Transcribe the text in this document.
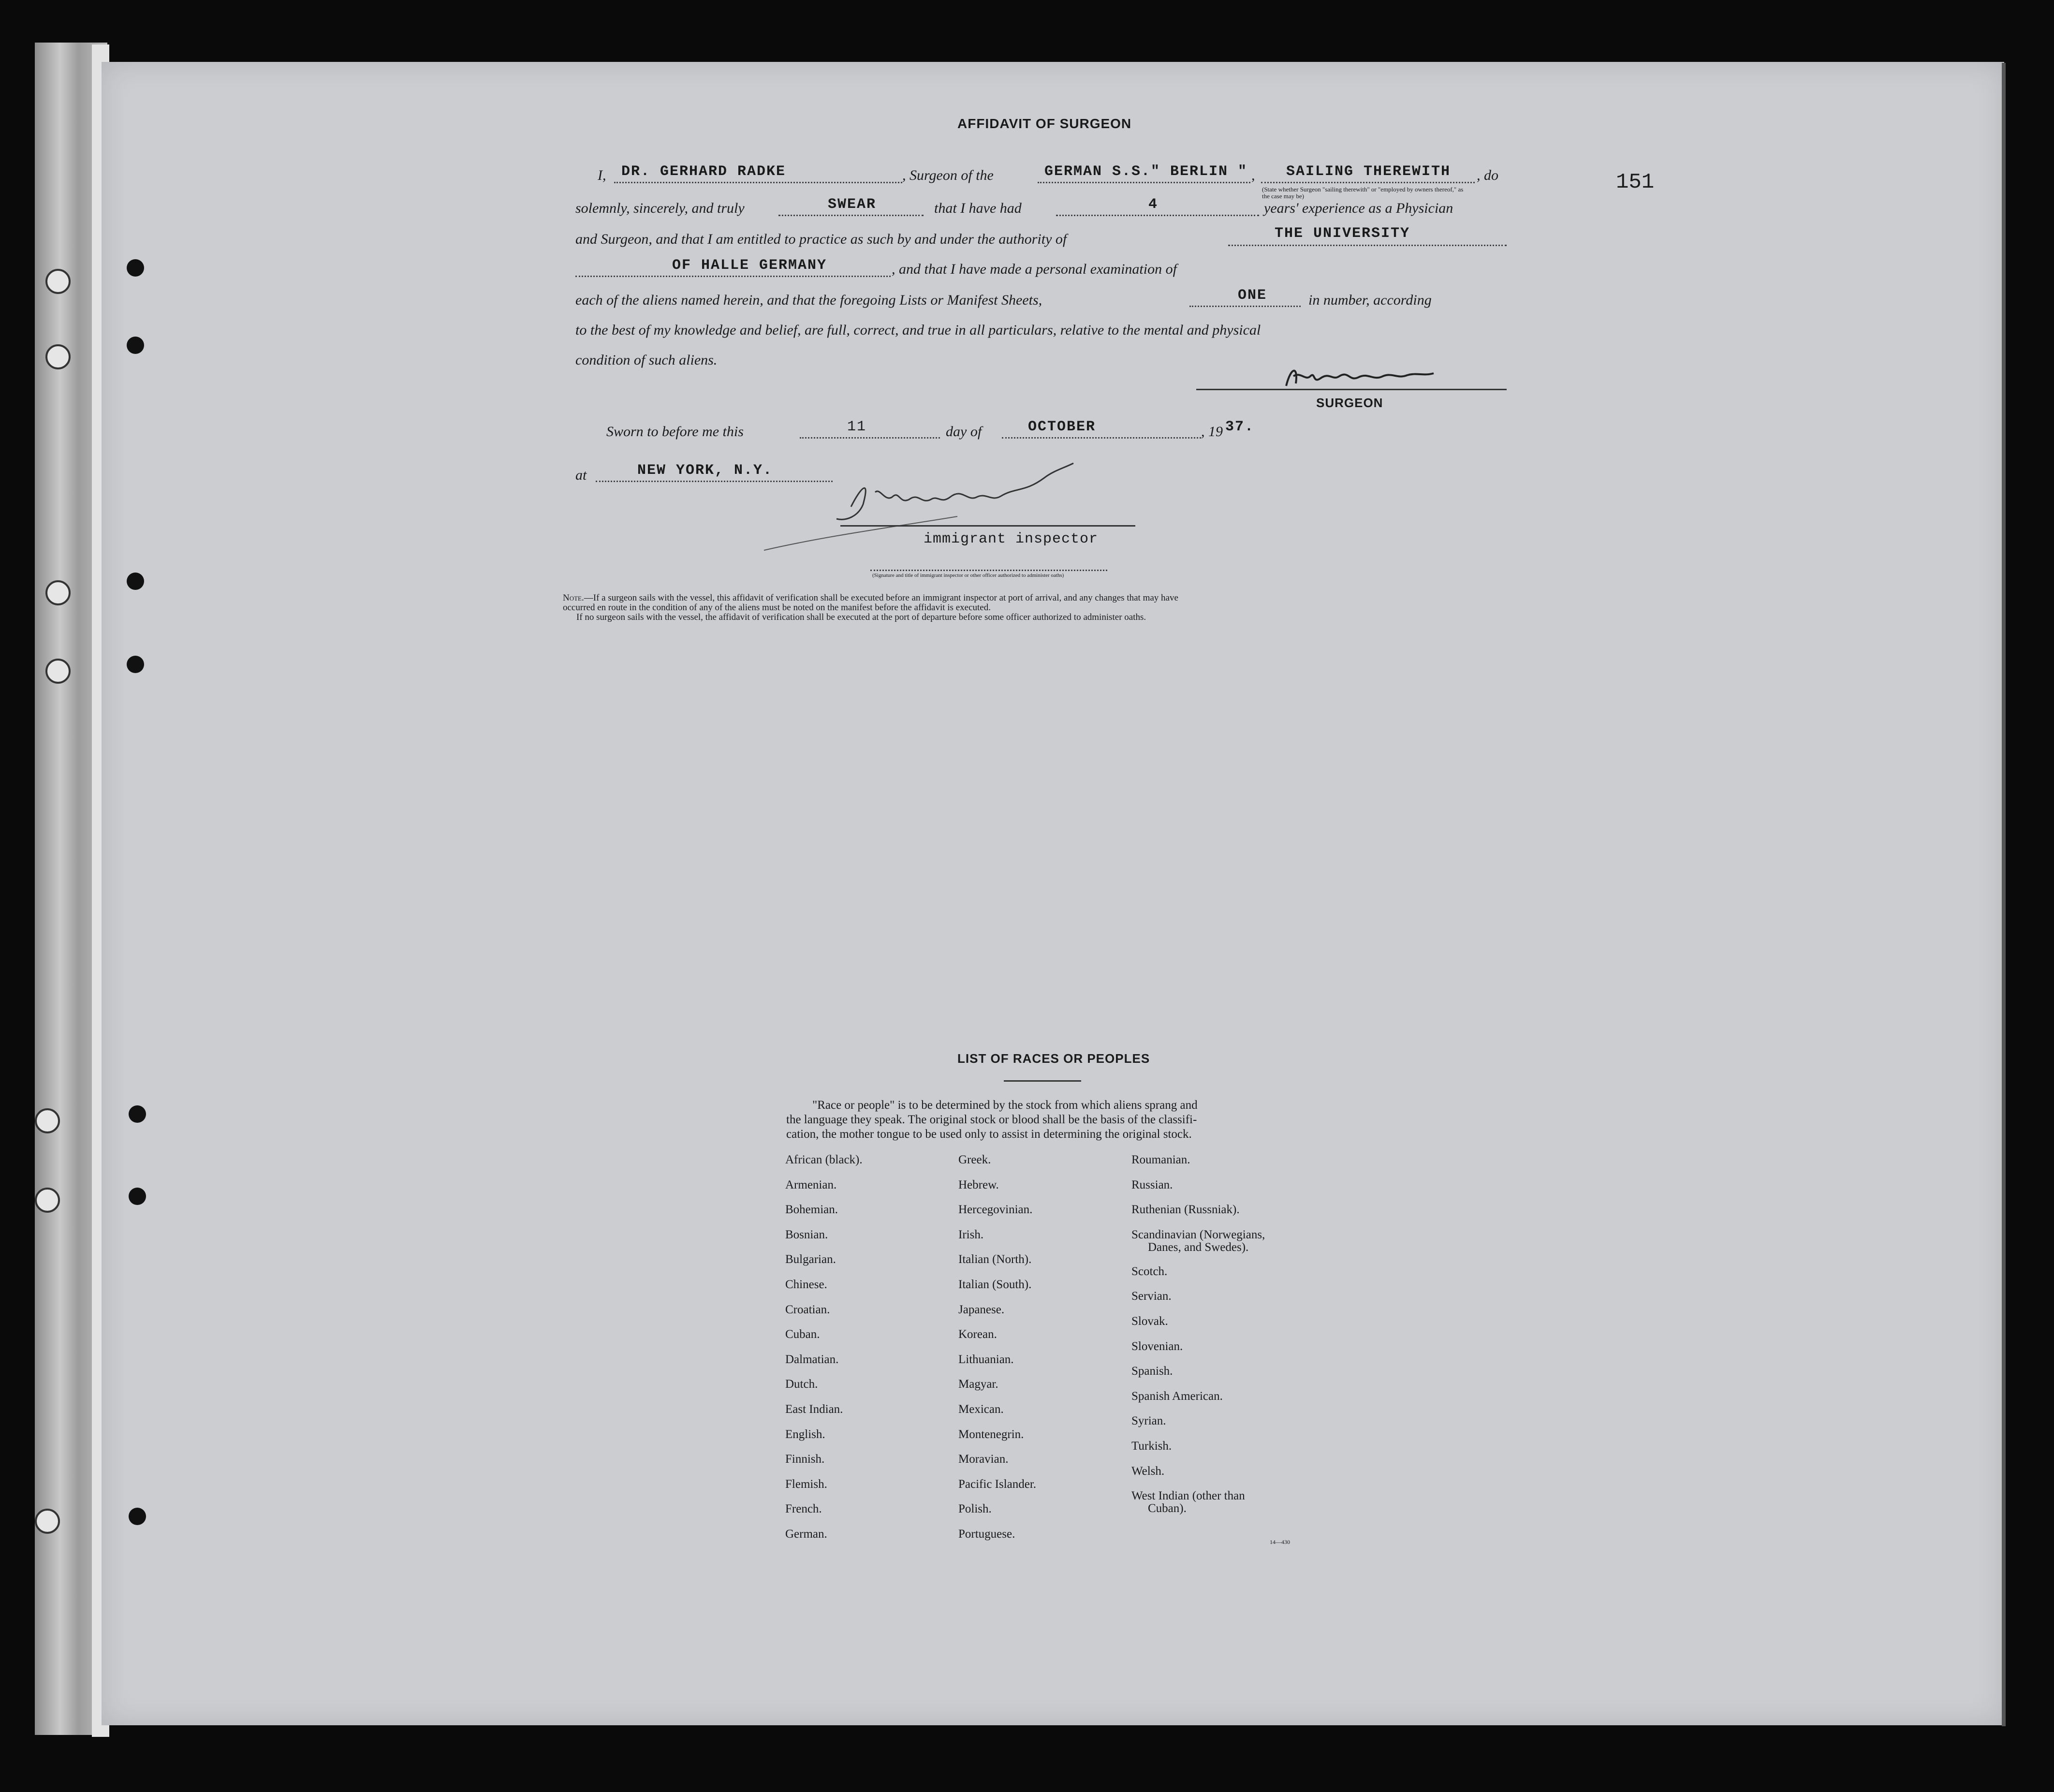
151
AFFIDAVIT OF SURGEON
I, DR. GERHARD RADKE	, Surgeon of the	GERMAN S.S." BERLIN " , SAILING THEREWITH , do
(State whether Surgeon "sailing therewith" or "employed by owners thereof," as the case may be)
solemnly, sincerely, and truly	SWEAR	that I have had	4	years' experience as a Physician
and Surgeon, and that I am entitled to practice as such by and under the authority of	THE UNIVERSITY
OF HALLE GERMANY	, and that I have made a personal examination of
each of the aliens named herein, and that the foregoing Lists or Manifest Sheets,	ONE	in number, according
to the best of my knowledge and belief, are full, correct, and true in all particulars, relative to the mental and physical
condition of such aliens.
SURGEON
Sworn to before me this	11	day of	OCTOBER	, 19 37.
at	NEW YORK, N.Y.
immigrant inspector
(Signature and title of immigrant inspector or other officer authorized to administer oaths)
Note.—If a surgeon sails with the vessel, this affidavit of verification shall be executed before an immigrant inspector at port of arrival, and any changes that may have
occurred en route in the condition of any of the aliens must be noted on the manifest before the affidavit is executed.
If no surgeon sails with the vessel, the affidavit of verification shall be executed at the port of departure before some officer authorized to administer oaths.
LIST OF RACES OR PEOPLES
"Race or people" is to be determined by the stock from which aliens sprang and
the language they speak. The original stock or blood shall be the basis of the classifi-
cation, the mother tongue to be used only to assist in determining the original stock.
African (black).
Armenian.
Bohemian.
Bosnian.
Bulgarian.
Chinese.
Croatian.
Cuban.
Dalmatian.
Dutch.
East Indian.
English.
Finnish.
Flemish.
French.
German.
Greek.
Hebrew.
Hercegovinian.
Irish.
Italian (North).
Italian (South).
Japanese.
Korean.
Lithuanian.
Magyar.
Mexican.
Montenegrin.
Moravian.
Pacific Islander.
Polish.
Portuguese.
Roumanian.
Russian.
Ruthenian (Russniak).
Scandinavian (Norwegians,
Danes, and Swedes).
Scotch.
Servian.
Slovak.
Slovenian.
Spanish.
Spanish American.
Syrian.
Turkish.
Welsh.
West Indian (other than
Cuban).
14—430
